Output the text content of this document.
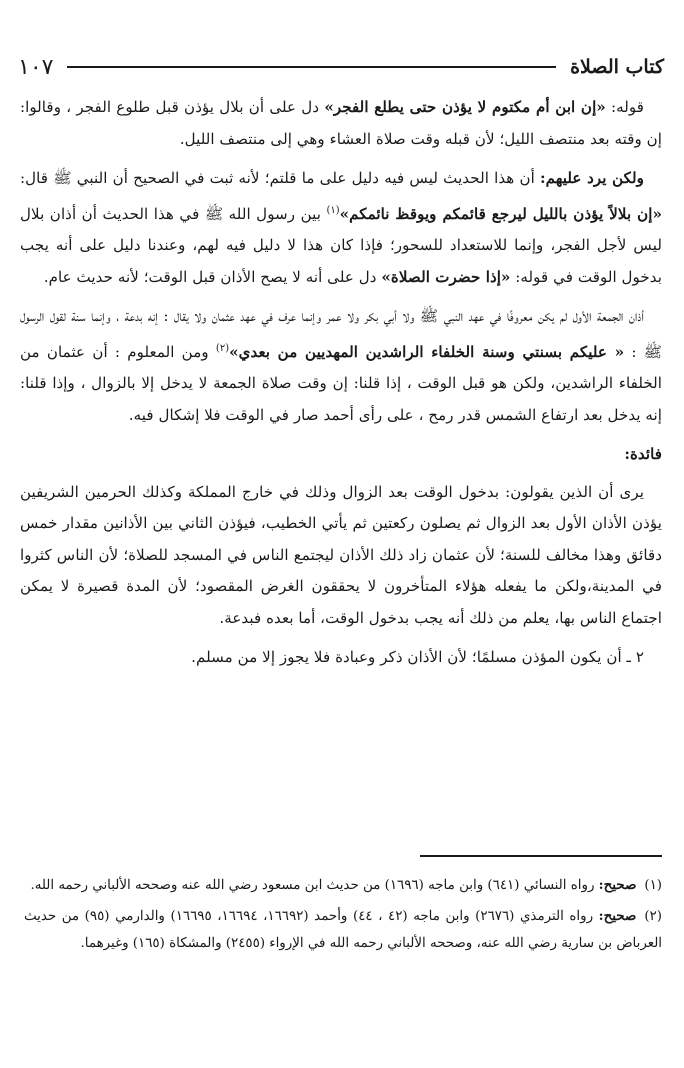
كتاب الصلاة
١٠٧

قوله: «إن ابن أم مكتوم لا يؤذن حتى يطلع الفجر» دل على أن بلال يؤذن قبل طلوع الفجر ، وقالوا: إن وقته بعد منتصف الليل؛ لأن قبله وقت صلاة العشاء وهي إلى منتصف الليل.

ولكن يرد عليهم: أن هذا الحديث ليس فيه دليل على ما قلتم؛ لأنه ثبت في الصحيح أن النبي ﷺ قال: «إن بلالاً يؤذن بالليل ليرجع قائمكم ويوقظ نائمكم»$^{(١)}$ بين رسول الله ﷺ في هذا الحديث أن أذان بلال ليس لأجل الفجر، وإنما للاستعداد للسحور؛ فإذا كان هذا لا دليل فيه لهم، وعندنا دليل على أنه يجب بدخول الوقت في قوله: «إذا حضرت الصلاة» دل على أنه لا يصح الأذان قبل الوقت؛ لأنه حديث عام.

أذان الجمعة الأول لم يكن معروفًا في عهد النبي ﷺ ولا أبي بكر ولا عمر وإنما عرف في عهد عثمان ولا يقال : إنه بدعة ، وإنما سنة لقول الرسول ﷺ : « عليكم بسنتي وسنة الخلفاء الراشدين المهديين من بعدي»$^{(٢)}$ ومن المعلوم : أن عثمان من الخلفاء الراشدين، ولكن هو قبل الوقت ، إذا قلنا: إن وقت صلاة الجمعة لا يدخل إلا بالزوال ، وإذا قلنا: إنه يدخل بعد ارتفاع الشمس قدر رمح ، على رأى أحمد صار في الوقت فلا إشكال فيه.

فائدة:

يرى أن الذين يقولون: بدخول الوقت بعد الزوال وذلك في خارج المملكة وكذلك الحرمين الشريفين يؤذن الأذان الأول بعد الزوال ثم يصلون ركعتين ثم يأتي الخطيب، فيؤذن الثاني بين الأذانين مقدار خمس دقائق وهذا مخالف للسنة؛ لأن عثمان زاد ذلك الأذان ليجتمع الناس في المسجد للصلاة؛ لأن الناس كثروا في المدينة،ولكن ما يفعله هؤلاء المتأخرون لا يحققون الغرض المقصود؛ لأن المدة قصيرة لا يمكن اجتماع الناس بها، يعلم من ذلك أنه يجب بدخول الوقت، أما بعده فبدعة.

٢ ـ أن يكون المؤذن مسلمًا؛ لأن الأذان ذكر وعبادة فلا يجوز إلا من مسلم.

(١)صحيح: رواه النسائي (٦٤١) وابن ماجه (١٦٩٦) من حديث ابن مسعود رضي الله عنه وصححه الألباني رحمه الله.

(٢)صحيح: رواه الترمذي (٢٦٧٦) وابن ماجه (٤٢ ، ٤٤) وأحمد (١٦٦٩٢، ١٦٦٩٤، ١٦٦٩٥) والدارمي (٩٥) من حديث العرباض بن سارية رضي الله عنه، وصححه الألباني رحمه الله في الإرواء (٢٤٥٥) والمشكاة (١٦٥) وغيرهما.
